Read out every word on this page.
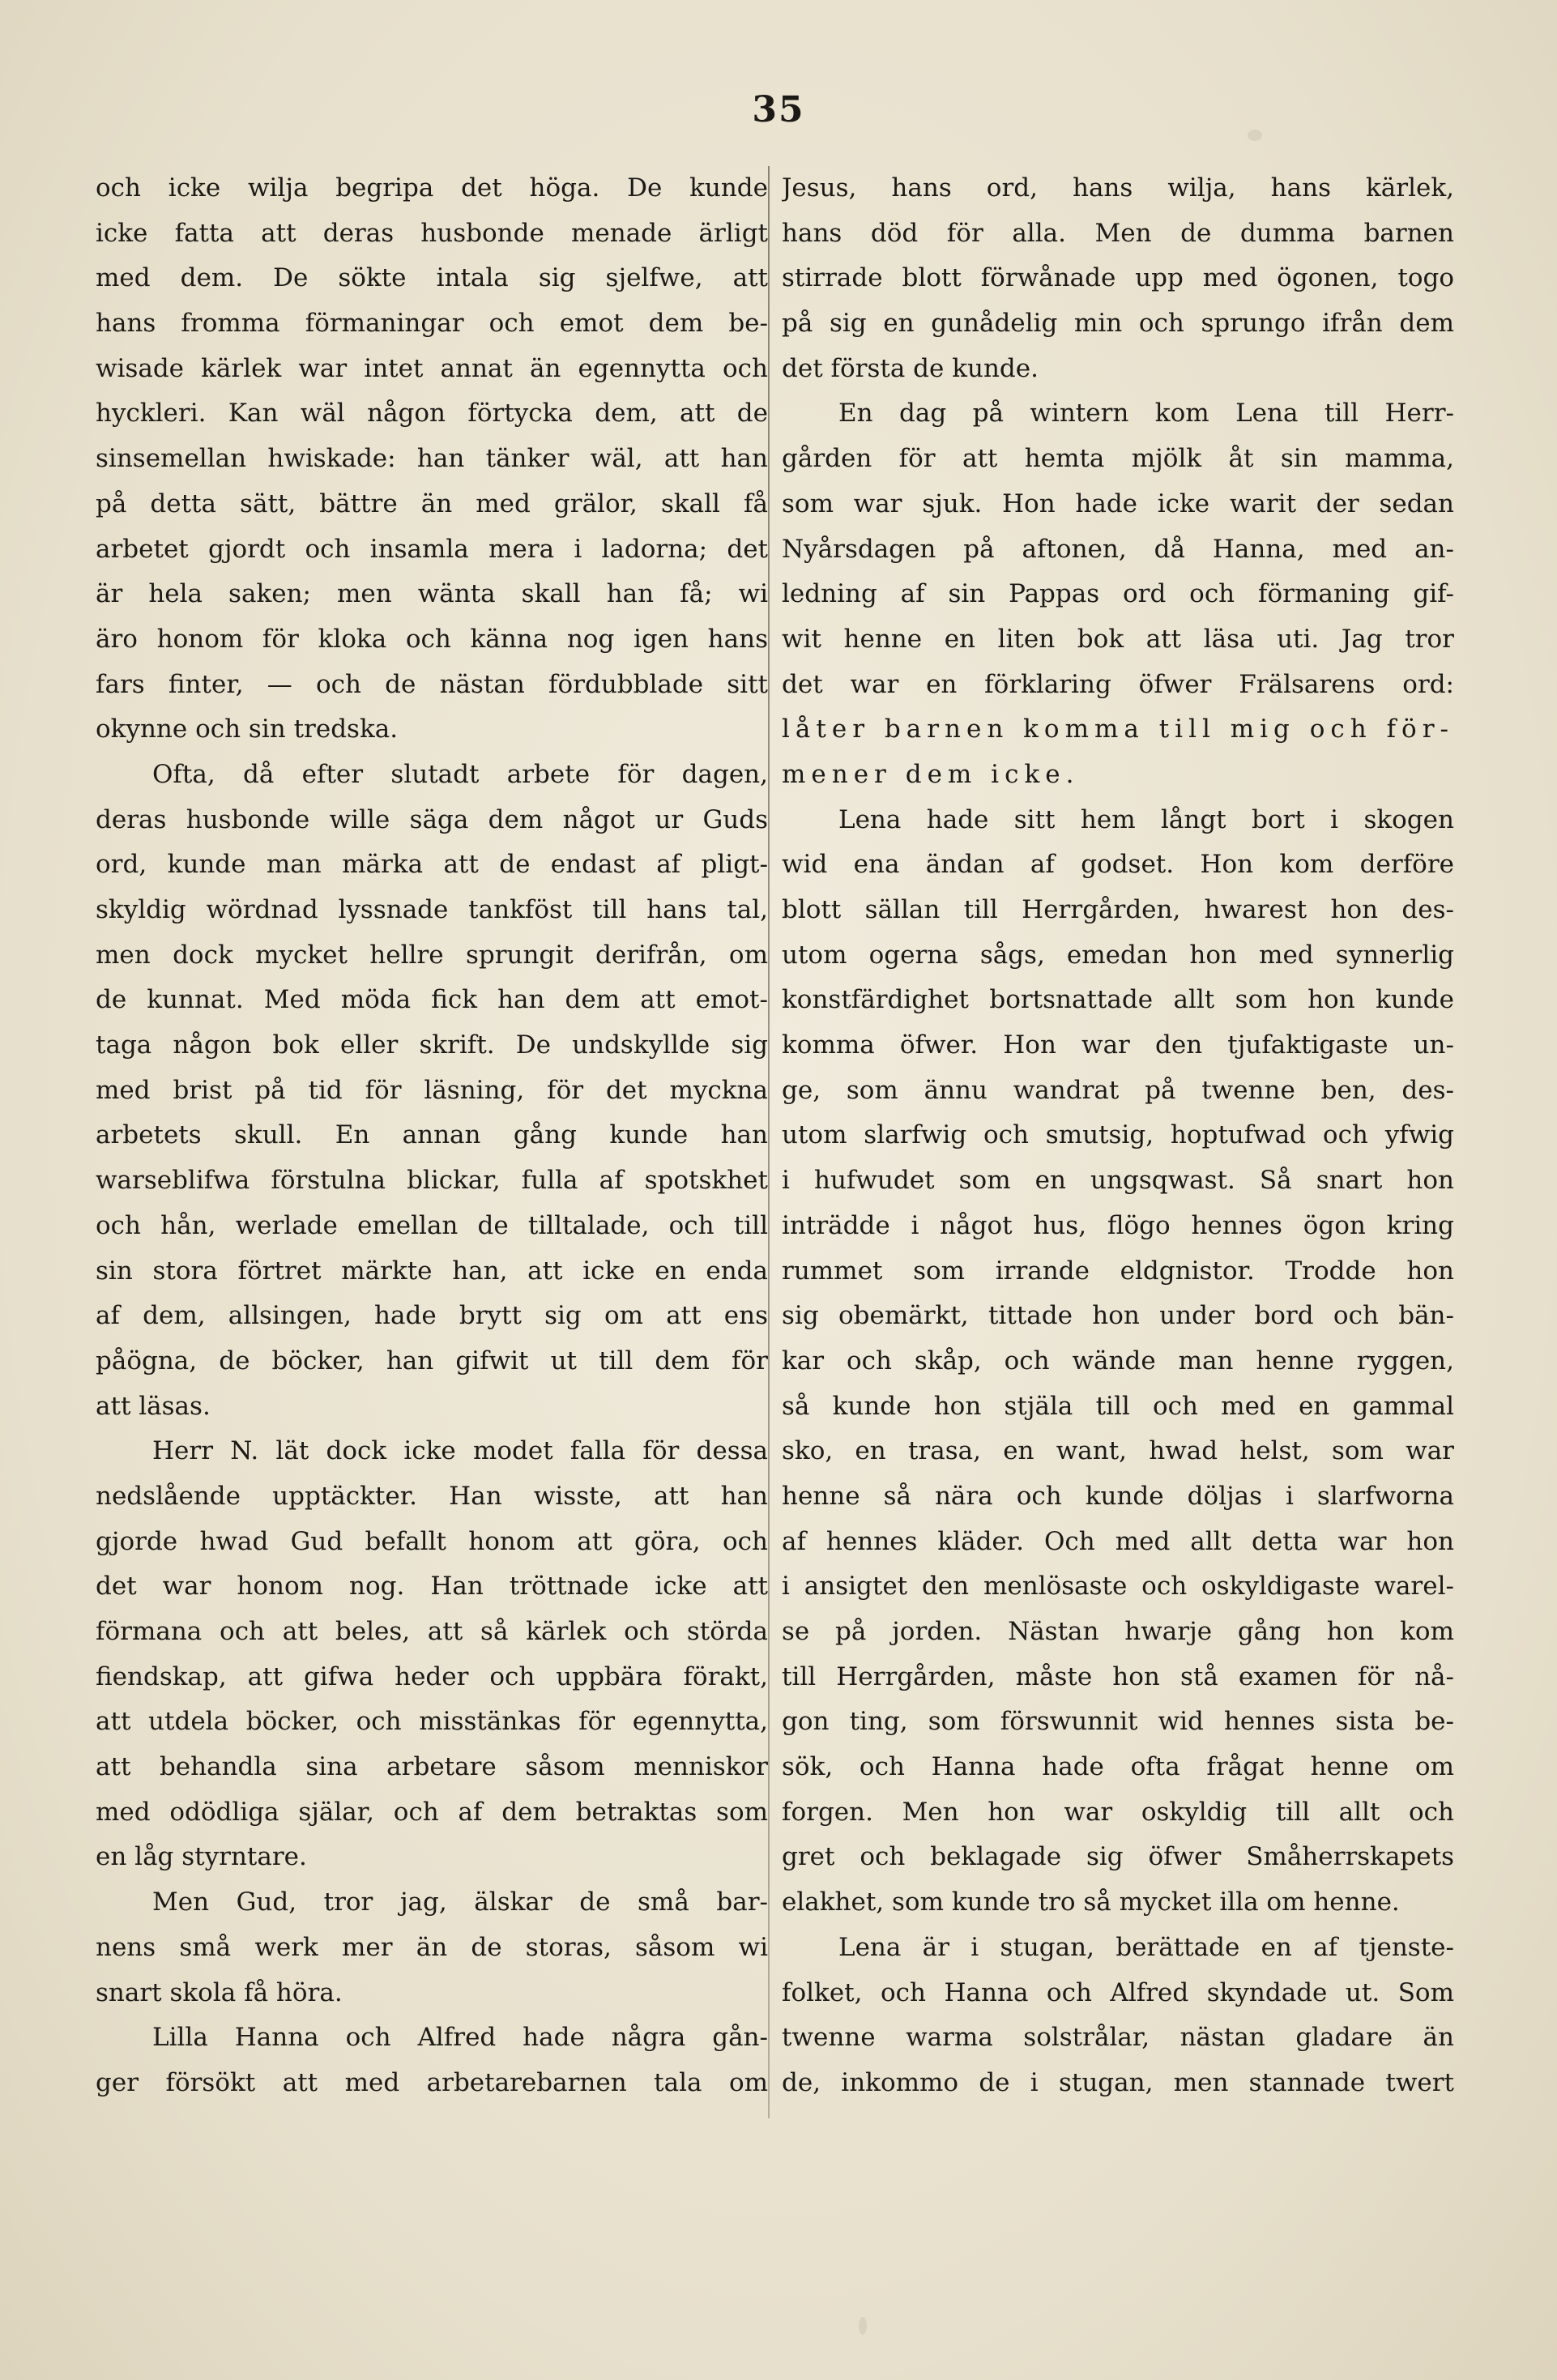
35
och icke wilja begripa det höga. De kunde
icke fatta att deras husbonde menade ärligt
med dem. De sökte intala sig sjelfwe, att
hans fromma förmaningar och emot dem be-
wisade kärlek war intet annat än egennytta och
hyckleri. Kan wäl någon förtycka dem, att de
sinsemellan hwiskade: han tänker wäl, att han
på detta sätt, bättre än med grälor, skall få
arbetet gjordt och insamla mera i ladorna; det
är hela saken; men wänta skall han få; wi
äro honom för kloka och känna nog igen hans
fars finter, — och de nästan fördubblade sitt
okynne och sin tredska.
Ofta, då efter slutadt arbete för dagen,
deras husbonde wille säga dem något ur Guds
ord, kunde man märka att de endast af pligt-
skyldig wördnad lyssnade tankföst till hans tal,
men dock mycket hellre sprungit derifrån, om
de kunnat. Med möda fick han dem att emot-
taga någon bok eller skrift. De undskyllde sig
med brist på tid för läsning, för det myckna
arbetets skull. En annan gång kunde han
warseblifwa förstulna blickar, fulla af spotskhet
och hån, werlade emellan de tilltalade, och till
sin stora förtret märkte han, att icke en enda
af dem, allsingen, hade brytt sig om att ens
påögna, de böcker, han gifwit ut till dem för
att läsas.
Herr N. lät dock icke modet falla för dessa
nedslående upptäckter. Han wisste, att han
gjorde hwad Gud befallt honom att göra, och
det war honom nog. Han tröttnade icke att
förmana och att beles, att så kärlek och störda
fiendskap, att gifwa heder och uppbära förakt,
att utdela böcker, och misstänkas för egennytta,
att behandla sina arbetare såsom menniskor
med odödliga själar, och af dem betraktas som
en låg styrntare.
Men Gud, tror jag, älskar de små bar-
nens små werk mer än de storas, såsom wi
snart skola få höra.
Lilla Hanna och Alfred hade några gån-
ger försökt att med arbetarebarnen tala om
Jesus, hans ord, hans wilja, hans kärlek,
hans död för alla. Men de dumma barnen
stirrade blott förwånade upp med ögonen, togo
på sig en gunådelig min och sprungo ifrån dem
det första de kunde.
En dag på wintern kom Lena till Herr-
gården för att hemta mjölk åt sin mamma,
som war sjuk. Hon hade icke warit der sedan
Nyårsdagen på aftonen, då Hanna, med an-
ledning af sin Pappas ord och förmaning gif-
wit henne en liten bok att läsa uti. Jag tror
det war en förklaring öfwer Frälsarens ord:
låter barnen komma till mig och för-
mener dem icke.
Lena hade sitt hem långt bort i skogen
wid ena ändan af godset. Hon kom derföre
blott sällan till Herrgården, hwarest hon des-
utom ogerna sågs, emedan hon med synnerlig
konstfärdighet bortsnattade allt som hon kunde
komma öfwer. Hon war den tjufaktigaste un-
ge, som ännu wandrat på twenne ben, des-
utom slarfwig och smutsig, hoptufwad och yfwig
i hufwudet som en ungsqwast. Så snart hon
inträdde i något hus, flögo hennes ögon kring
rummet som irrande eldgnistor. Trodde hon
sig obemärkt, tittade hon under bord och bän-
kar och skåp, och wände man henne ryggen,
så kunde hon stjäla till och med en gammal
sko, en trasa, en want, hwad helst, som war
henne så nära och kunde döljas i slarfworna
af hennes kläder. Och med allt detta war hon
i ansigtet den menlösaste och oskyldigaste warel-
se på jorden. Nästan hwarje gång hon kom
till Herrgården, måste hon stå examen för nå-
gon ting, som förswunnit wid hennes sista be-
sök, och Hanna hade ofta frågat henne om
forgen. Men hon war oskyldig till allt och
gret och beklagade sig öfwer Småherrskapets
elakhet, som kunde tro så mycket illa om henne.
Lena är i stugan, berättade en af tjenste-
folket, och Hanna och Alfred skyndade ut. Som
twenne warma solstrålar, nästan gladare än
de, inkommo de i stugan, men stannade twert
